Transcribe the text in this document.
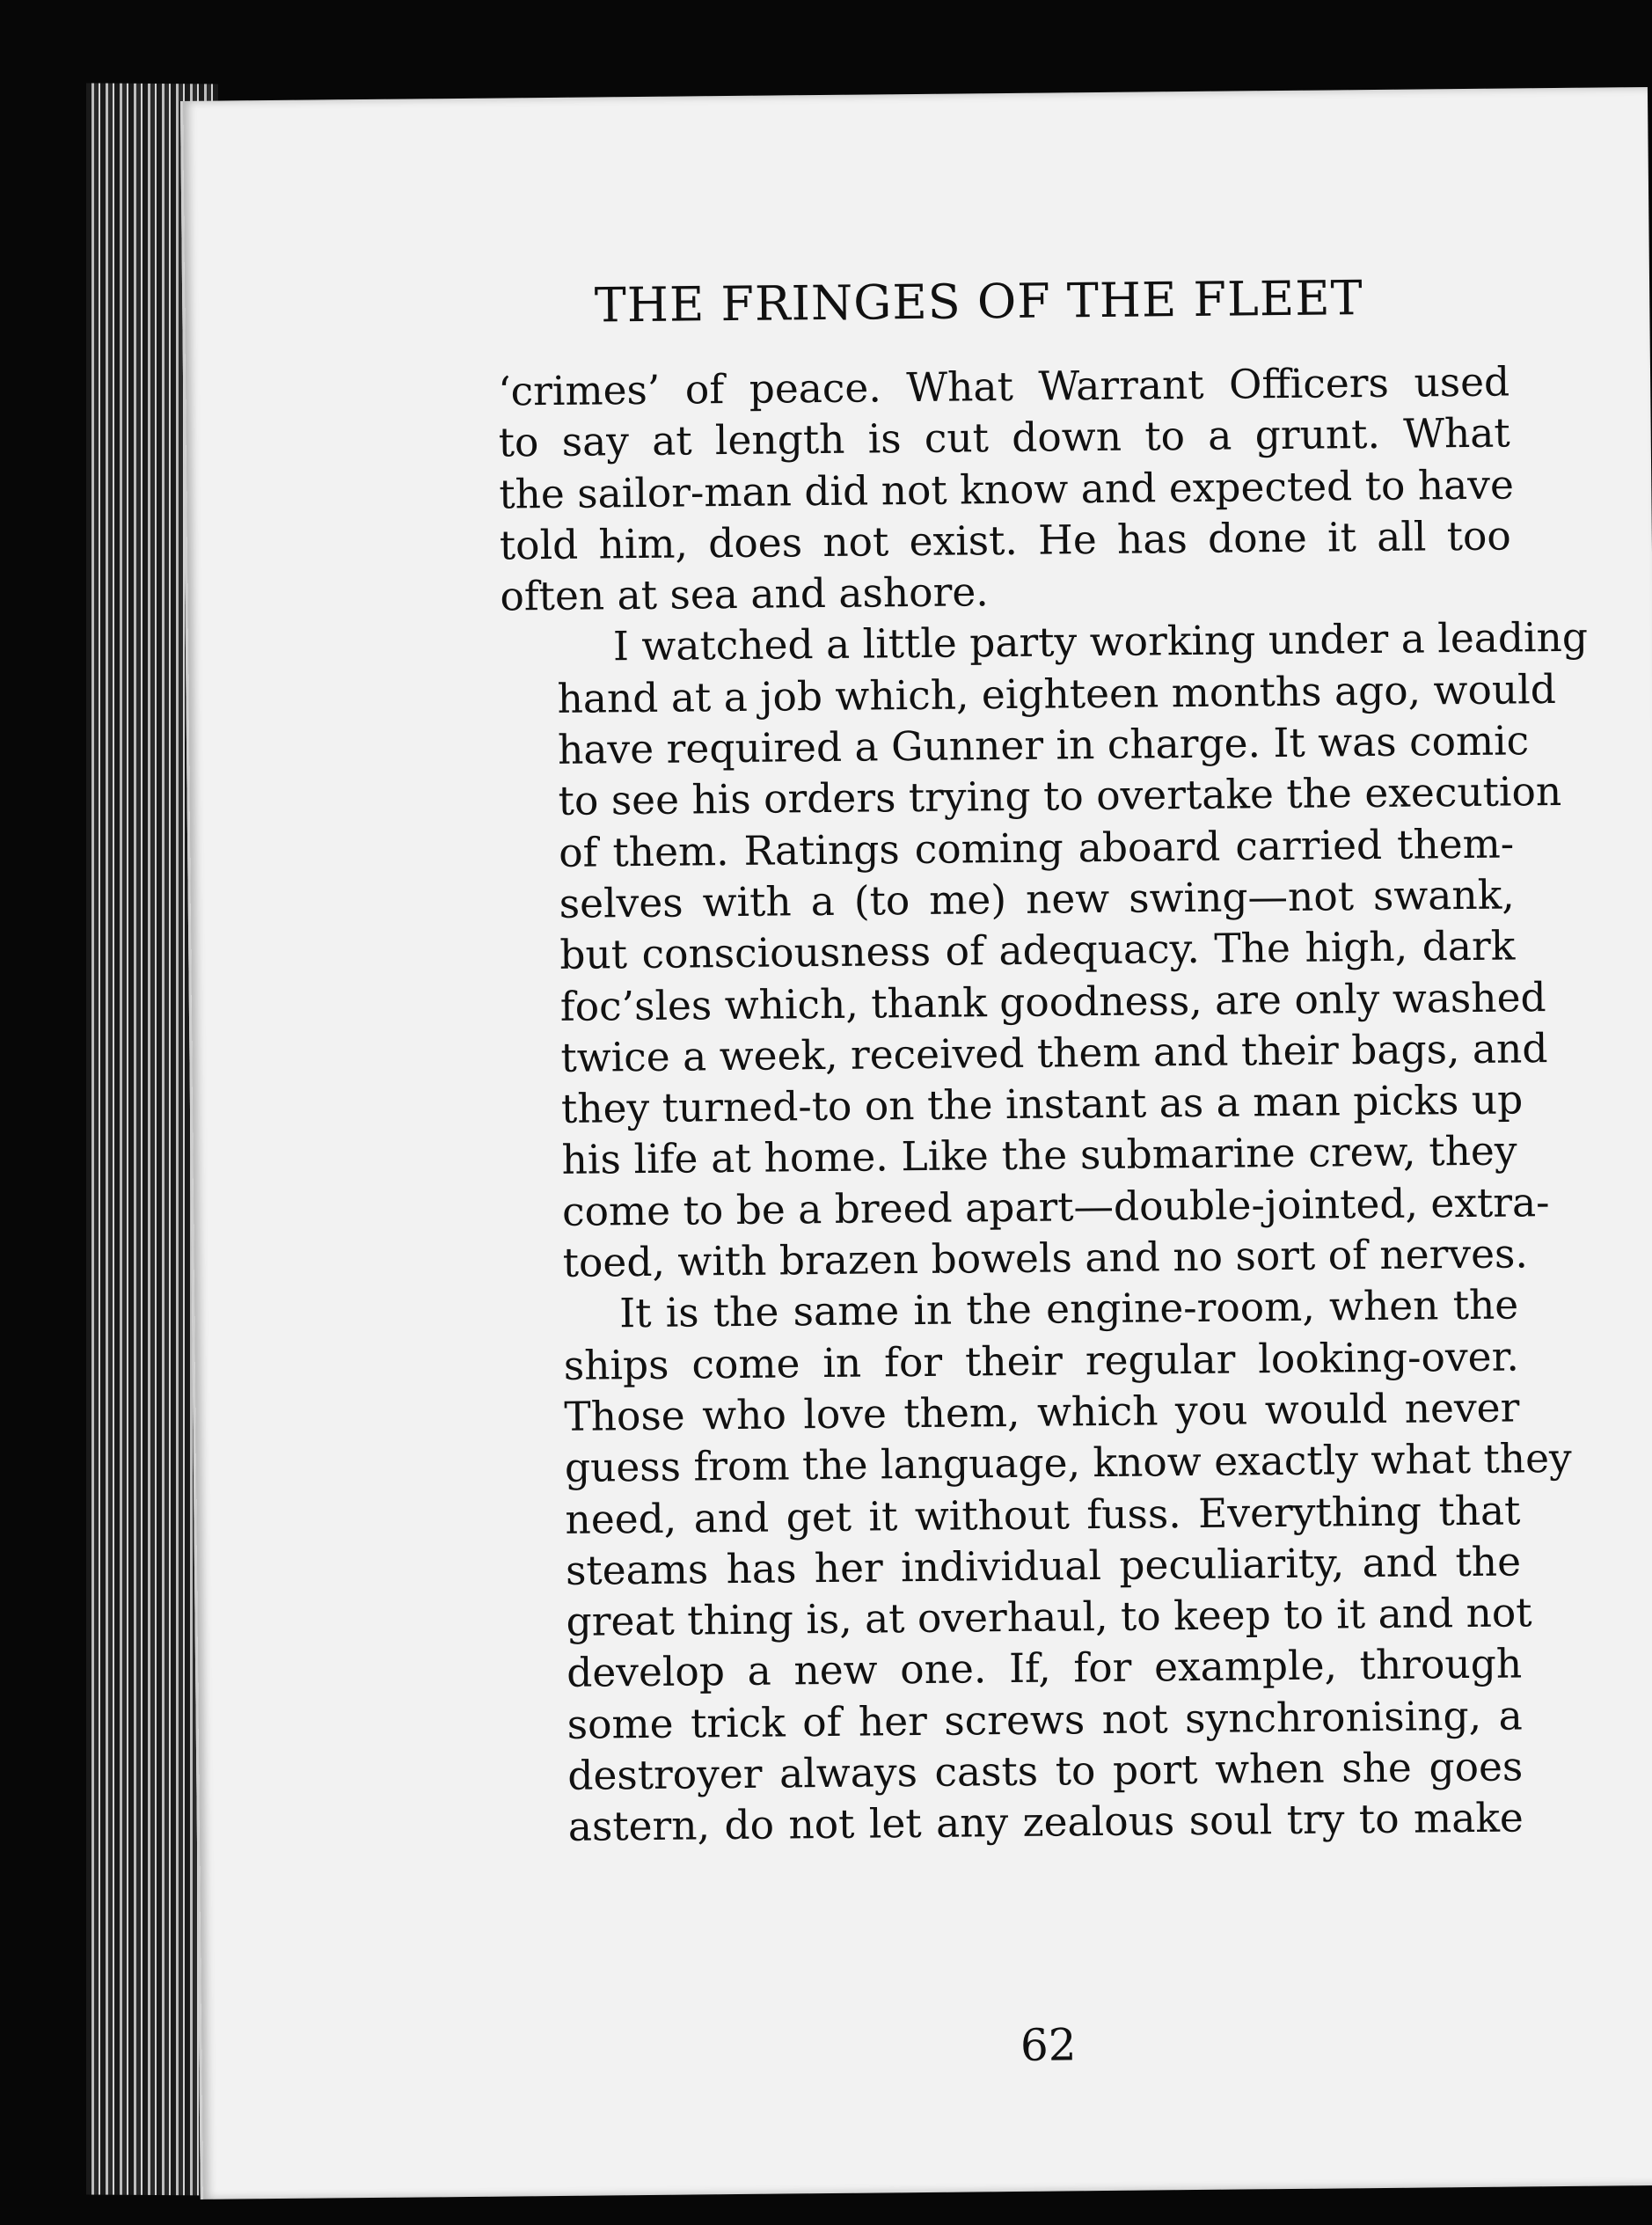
THE FRINGES OF THE FLEET

‘crimes’ of peace. What Warrant Officers used
to say at length is cut down to a grunt. What
the sailor-man did not know and expected to have
told him, does not exist. He has done it all too
often at sea and ashore.

I watched a little party working under a leading
hand at a job which, eighteen months ago, would
have required a Gunner in charge. It was comic
to see his orders trying to overtake the execution
of them. Ratings coming aboard carried them-
selves with a (to me) new swing—not swank,
but consciousness of adequacy. The high, dark
foc’sles which, thank goodness, are only washed
twice a week, received them and their bags, and
they turned-to on the instant as a man picks up
his life at home. Like the submarine crew, they
come to be a breed apart—double-jointed, extra-
toed, with brazen bowels and no sort of nerves.

It is the same in the engine-room, when the
ships come in for their regular looking-over.
Those who love them, which you would never
guess from the language, know exactly what they
need, and get it without fuss. Everything that
steams has her individual peculiarity, and the
great thing is, at overhaul, to keep to it and not
develop a new one. If, for example, through
some trick of her screws not synchronising, a
destroyer always casts to port when she goes
astern, do not let any zealous soul try to make

62
